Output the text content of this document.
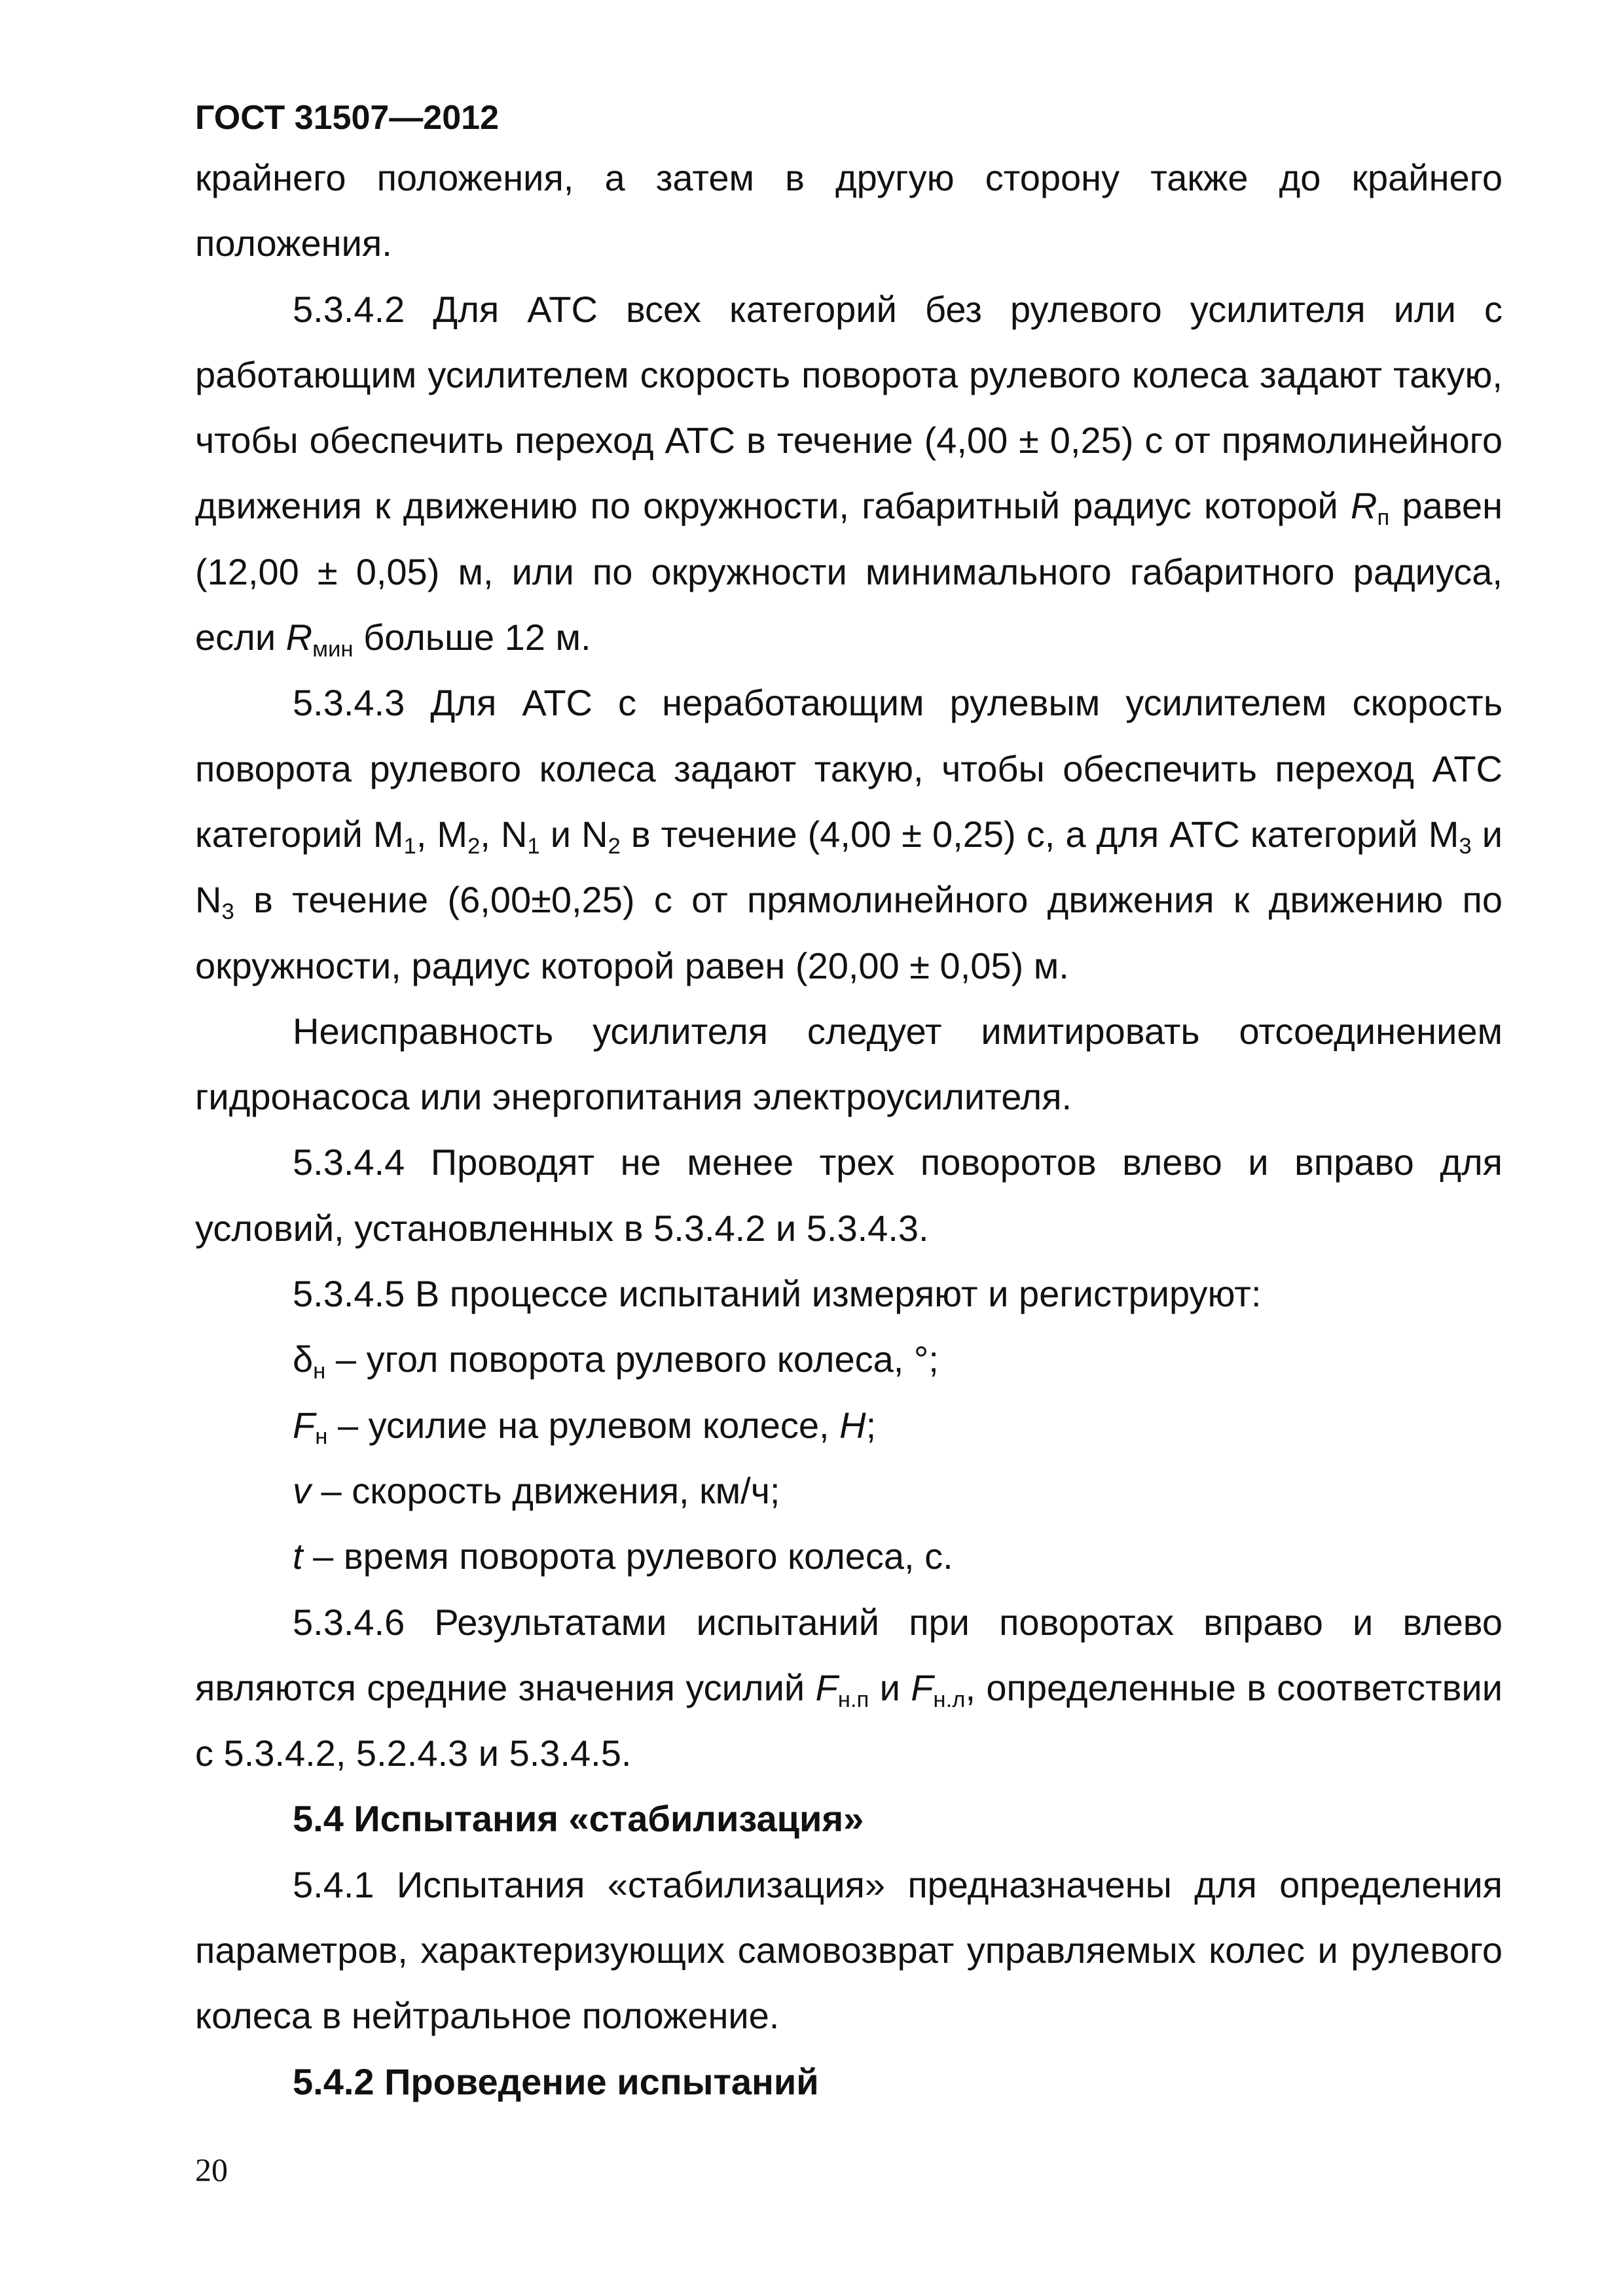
ГОСТ 31507—2012

крайнего положения, а затем в другую сторону также до крайнего положения.

5.3.4.2 Для АТС всех категорий без рулевого усилителя или с работающим усилителем скорость поворота рулевого колеса задают такую, чтобы обеспечить переход АТС в течение (4,00 ± 0,25) с от прямолинейного движения к движению по окружности, габаритный радиус которой $R_п$ равен (12,00 ± 0,05) м, или по окружности минимального габаритного радиуса, если $R_{мин}$ больше 12 м.

5.3.4.3 Для АТС с неработающим рулевым усилителем скорость поворота рулевого колеса задают такую, чтобы обеспечить переход АТС категорий $M_1$, $M_2$, $N_1$ и $N_2$ в течение (4,00 ± 0,25) с, а для АТС категорий $M_3$ и $N_3$ в течение (6,00±0,25) с от прямолинейного движения к движению по окружности, радиус которой равен (20,00 ± 0,05) м.

Неисправность усилителя следует имитировать отсоединением гидронасоса или энергопитания электроусилителя.

5.3.4.4 Проводят не менее трех поворотов влево и вправо для условий, установленных в 5.3.4.2 и 5.3.4.3.

5.3.4.5 В процессе испытаний измеряют и регистрируют:

$\delta_н$ – угол поворота рулевого колеса, °;

$F_н$ – усилие на рулевом колесе, Н;

v – скорость движения, км/ч;

t – время поворота рулевого колеса, с.

5.3.4.6 Результатами испытаний при поворотах вправо и влево являются средние значения усилий $F_{н.п}$ и $F_{н.л}$, определенные в соответствии с 5.3.4.2, 5.2.4.3 и 5.3.4.5.

5.4 Испытания «стабилизация»

5.4.1 Испытания «стабилизация» предназначены для определения параметров, характеризующих самовозврат управляемых колес и рулевого колеса в нейтральное положение.

5.4.2 Проведение испытаний

20
